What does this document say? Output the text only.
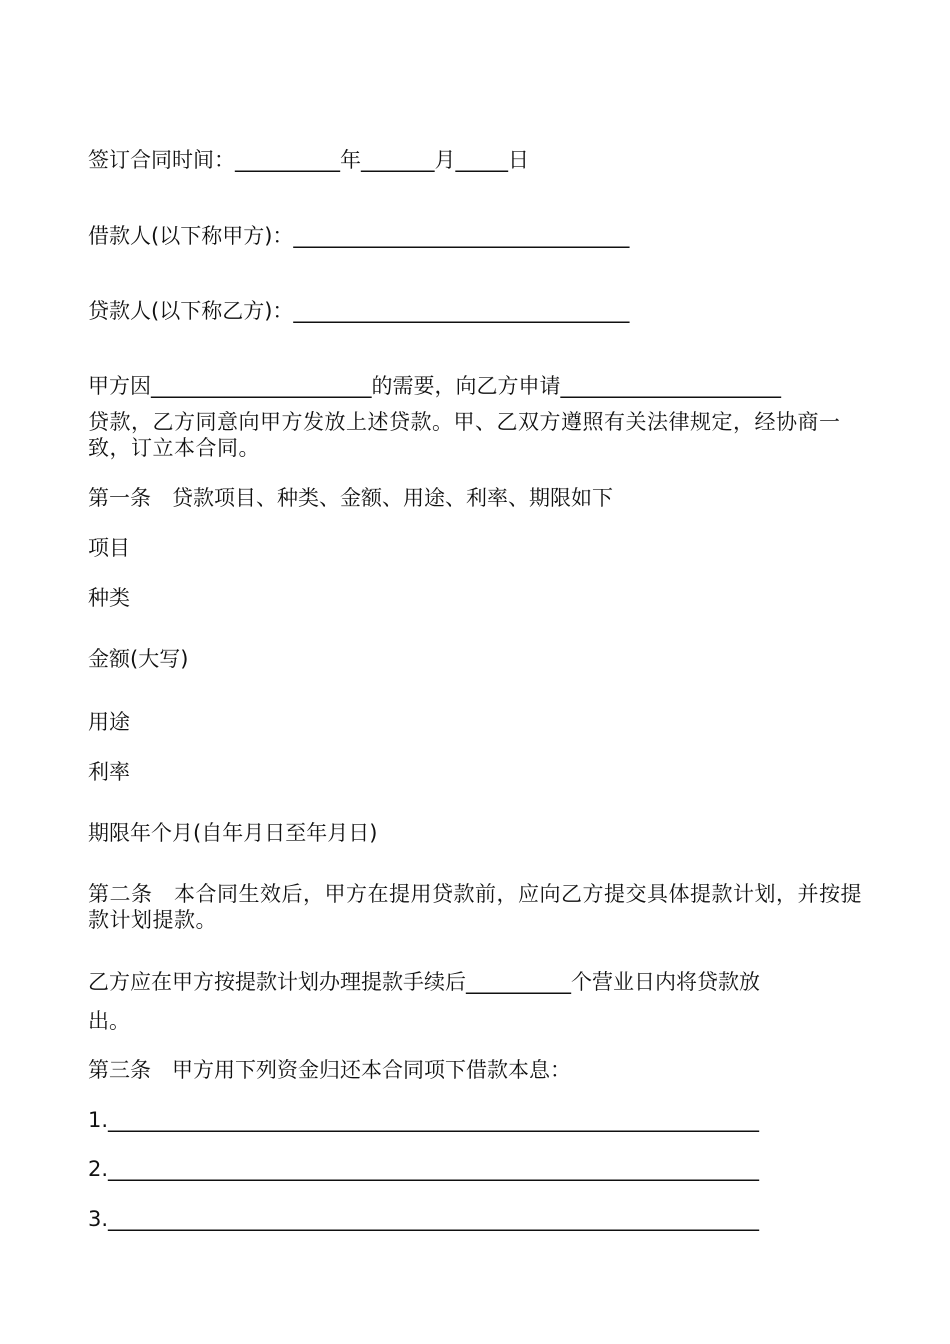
签订合同时间：__________年_______月_____日
借款人(以下称甲方)：________________________________
贷款人(以下称乙方)：________________________________
甲方因_____________________的需要，向乙方申请_____________________
贷款，乙方同意向甲方发放上述贷款。甲、乙双方遵照有关法律规定，经协商一致，订立本合同。
第一条　贷款项目、种类、金额、用途、利率、期限如下
项目
种类
金额(大写)
用途
利率
期限年个月(自年月日至年月日)
第二条　本合同生效后，甲方在提用贷款前，应向乙方提交具体提款计划，并按提款计划提款。
乙方应在甲方按提款计划办理提款手续后__________个营业日内将贷款放
出。
第三条　甲方用下列资金归还本合同项下借款本息：
1.______________________________________________________________
2.______________________________________________________________
3.______________________________________________________________
